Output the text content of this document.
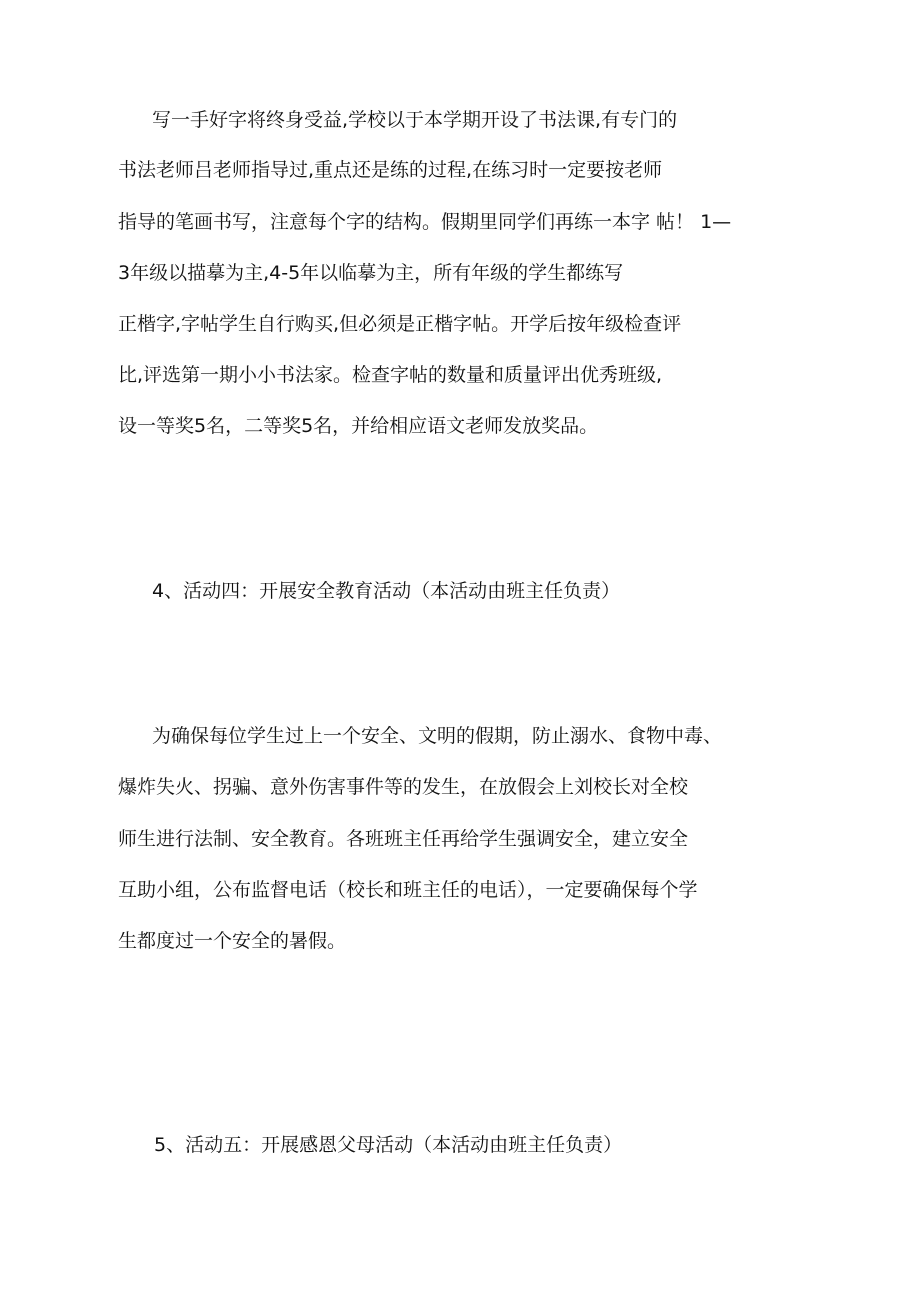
写一手好字将终身受益,学校以于本学期开设了书法课,有专门的
书法老师吕老师指导过,重点还是练的过程,在练习时一定要按老师
指导的笔画书写，注意每个字的结构。假期里同学们再练一本字 帖！ 1—
3年级以描摹为主,4-5年以临摹为主，所有年级的学生都练写
正楷字,字帖学生自行购买,但必须是正楷字帖。开学后按年级检查评
比,评选第一期小小书法家。检查字帖的数量和质量评出优秀班级,
设一等奖5名，二等奖5名，并给相应语文老师发放奖品。
4、活动四：开展安全教育活动（本活动由班主任负责）
为确保每位学生过上一个安全、文明的假期，防止溺水、食物中毒、
爆炸失火、拐骗、意外伤害事件等的发生，在放假会上刘校长对全校
师生进行法制、安全教育。各班班主任再给学生强调安全，建立安全
互助小组，公布监督电话（校长和班主任的电话），一定要确保每个学
生都度过一个安全的暑假。
5、活动五：开展感恩父母活动（本活动由班主任负责）
